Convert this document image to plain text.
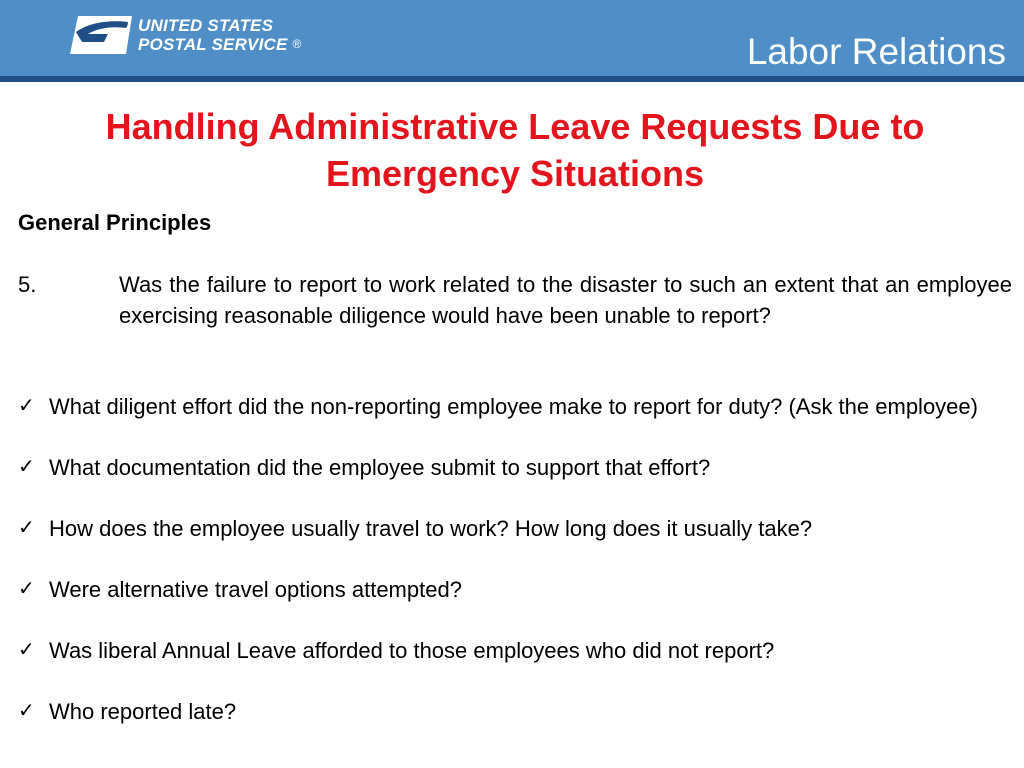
UNITED STATES
POSTAL SERVICE ®	Labor Relations
Handling Administrative Leave Requests Due to Emergency Situations
General Principles
5.	Was the failure to report to work related to the disaster to such an extent that an employee exercising reasonable diligence would have been unable to report?
✓ What diligent effort did the non-reporting employee make to report for duty? (Ask the employee)
✓ What documentation did the employee submit to support that effort?
✓ How does the employee usually travel to work? How long does it usually take?
✓ Were alternative travel options attempted?
✓ Was liberal Annual Leave afforded to those employees who did not report?
✓ Who reported late?
